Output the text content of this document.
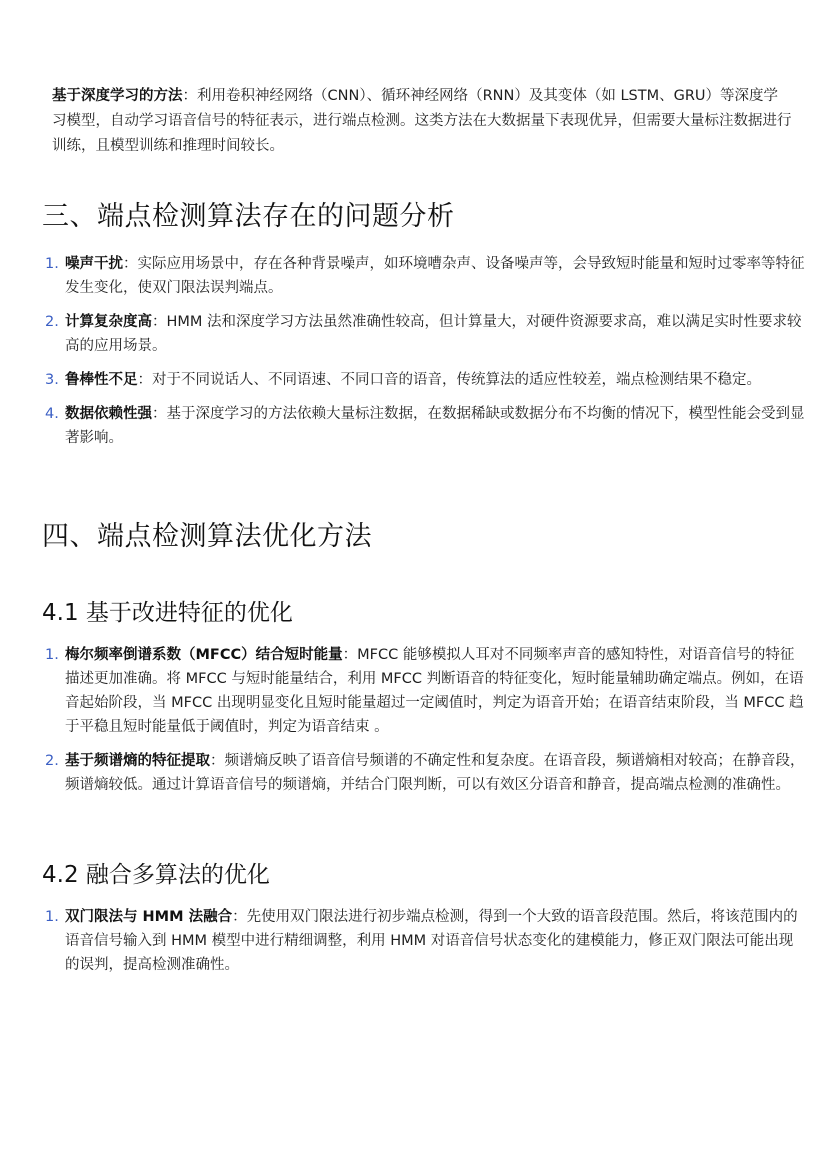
基于深度学习的方法：利用卷积神经网络（CNN）、循环神经网络（RNN）及其变体（如 LSTM、GRU）等深度学习模型，自动学习语音信号的特征表示，进行端点检测。这类方法在大数据量下表现优异，但需要大量标注数据进行训练，且模型训练和推理时间较长。

三、端点检测算法存在的问题分析
1. 噪声干扰：实际应用场景中，存在各种背景噪声，如环境嘈杂声、设备噪声等，会导致短时能量和短时过零率等特征发生变化，使双门限法误判端点。
2. 计算复杂度高：HMM 法和深度学习方法虽然准确性较高，但计算量大，对硬件资源要求高，难以满足实时性要求较高的应用场景。
3. 鲁棒性不足：对于不同说话人、不同语速、不同口音的语音，传统算法的适应性较差，端点检测结果不稳定。
4. 数据依赖性强：基于深度学习的方法依赖大量标注数据，在数据稀缺或数据分布不均衡的情况下，模型性能会受到显著影响。
四、端点检测算法优化方法
4.1 基于改进特征的优化
1. 梅尔频率倒谱系数（MFCC）结合短时能量：MFCC 能够模拟人耳对不同频率声音的感知特性，对语音信号的特征描述更加准确。将 MFCC 与短时能量结合，利用 MFCC 判断语音的特征变化，短时能量辅助确定端点。例如，在语音起始阶段，当 MFCC 出现明显变化且短时能量超过一定阈值时，判定为语音开始；在语音结束阶段，当 MFCC 趋于平稳且短时能量低于阈值时，判定为语音结束 。
2. 基于频谱熵的特征提取：频谱熵反映了语音信号频谱的不确定性和复杂度。在语音段，频谱熵相对较高；在静音段，频谱熵较低。通过计算语音信号的频谱熵，并结合门限判断，可以有效区分语音和静音，提高端点检测的准确性。
4.2 融合多算法的优化
1. 双门限法与 HMM 法融合：先使用双门限法进行初步端点检测，得到一个大致的语音段范围。然后，将该范围内的语音信号输入到 HMM 模型中进行精细调整，利用 HMM 对语音信号状态变化的建模能力，修正双门限法可能出现的误判，提高检测准确性。
